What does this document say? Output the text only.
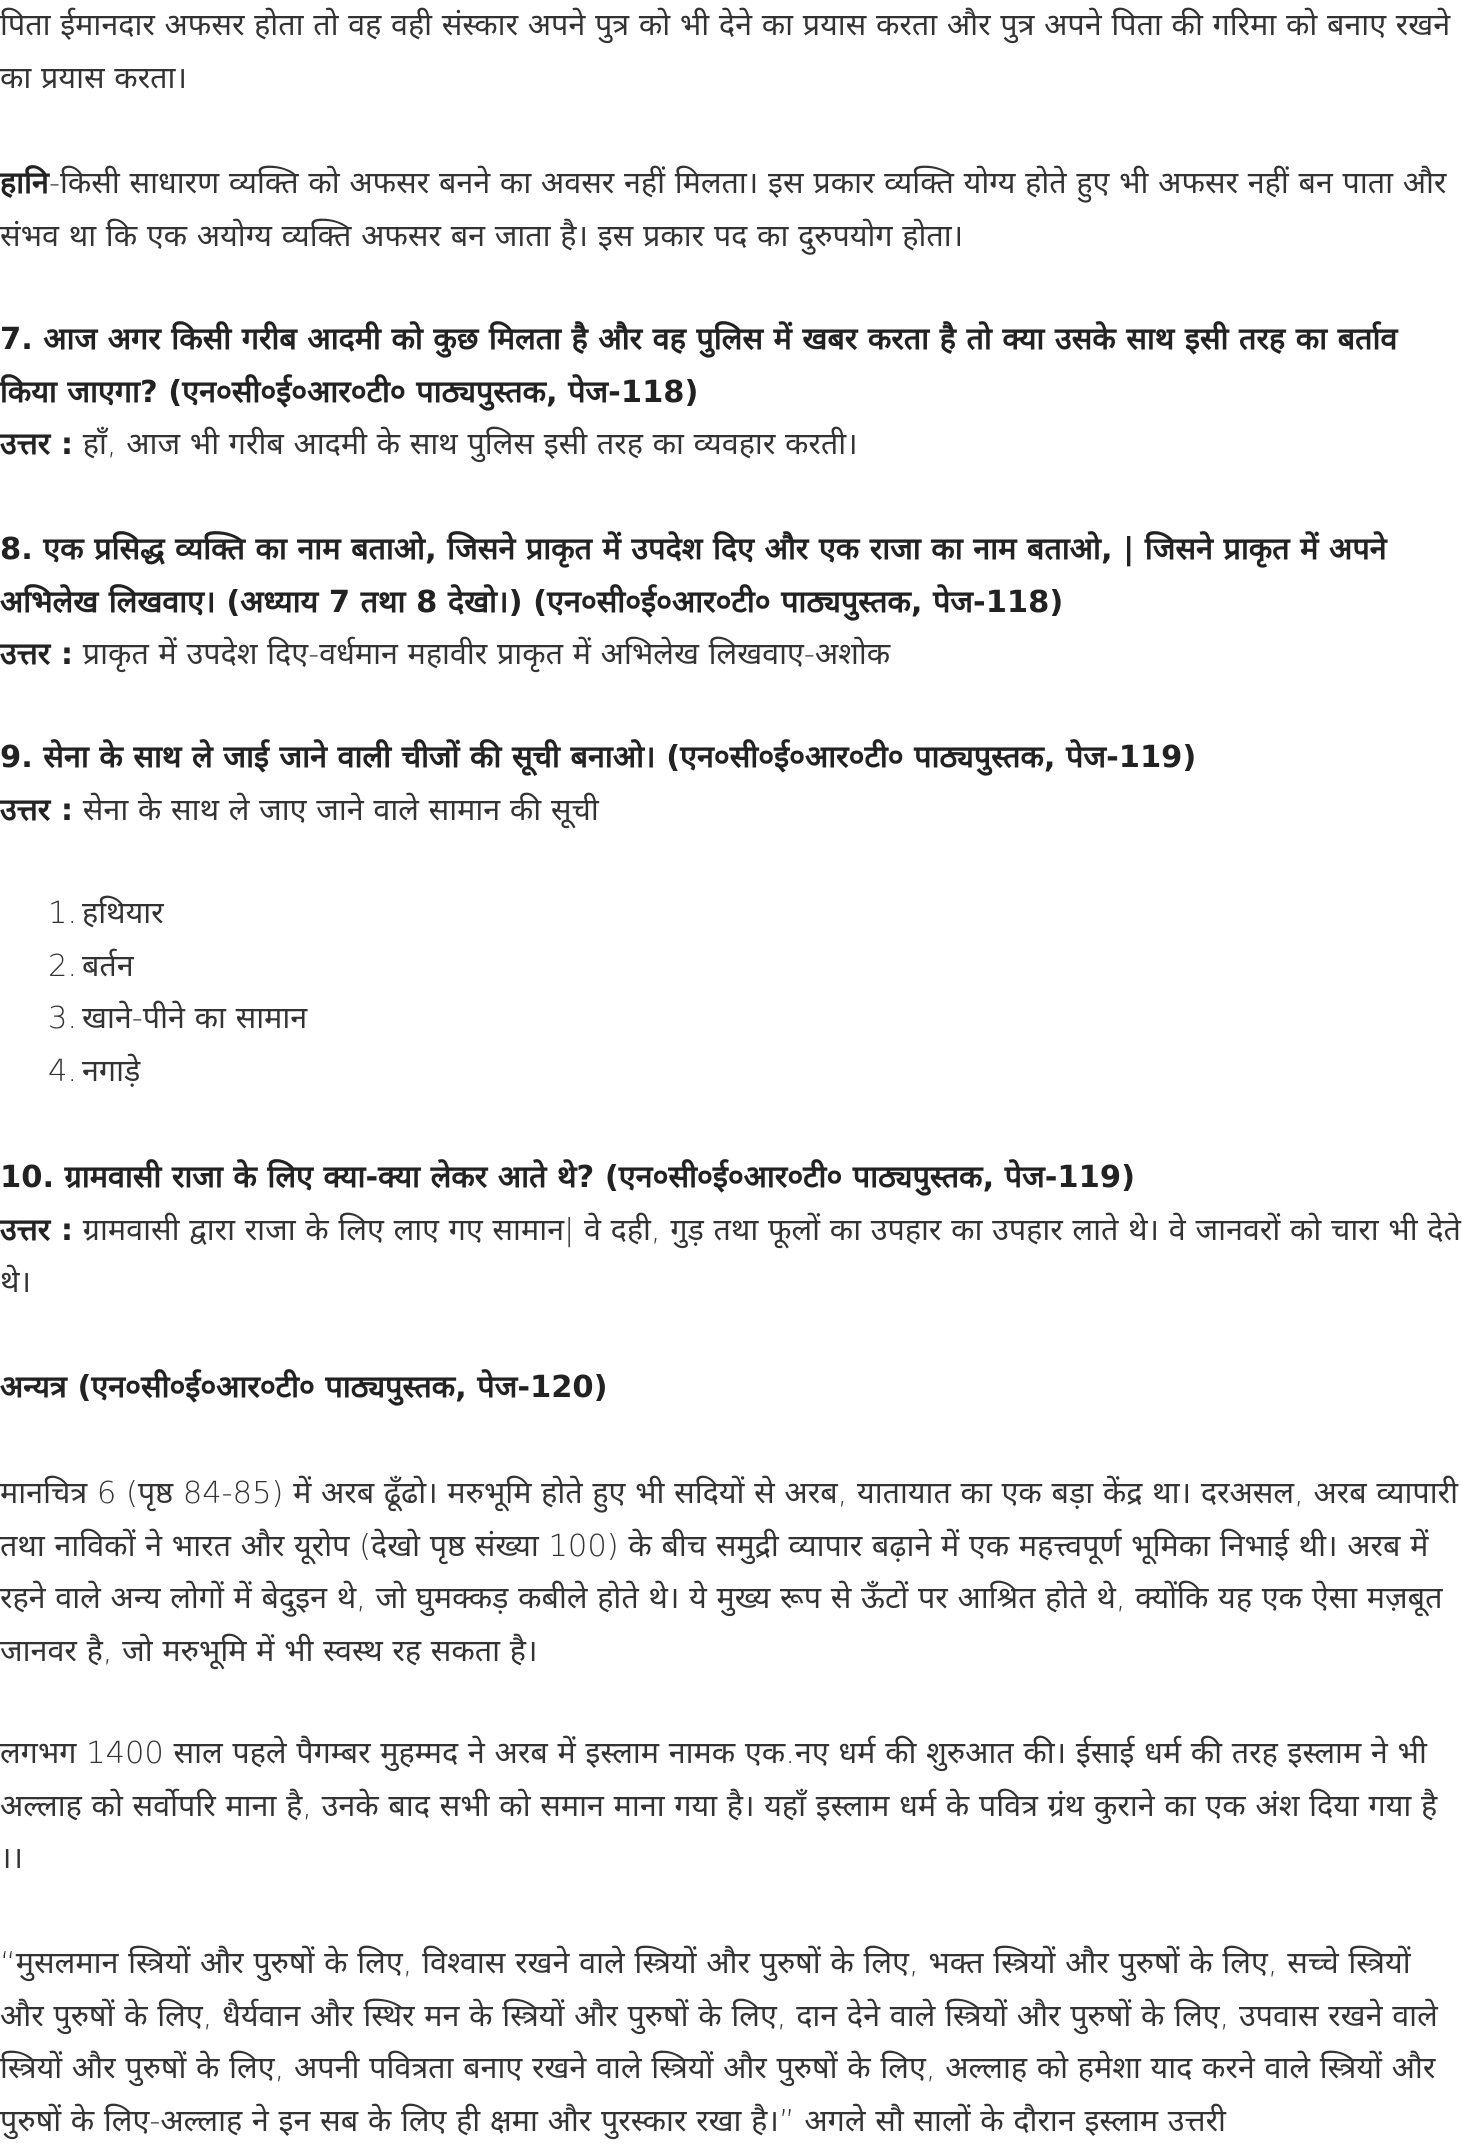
पिता ईमानदार अफसर होता तो वह वही संस्कार अपने पुत्र को भी देने का प्रयास करता और पुत्र अपने पिता की गरिमा को बनाए रखने का प्रयास करता।

हानि-किसी साधारण व्यक्ति को अफसर बनने का अवसर नहीं मिलता। इस प्रकार व्यक्ति योग्य होते हुए भी अफसर नहीं बन पाता और संभव था कि एक अयोग्य व्यक्ति अफसर बन जाता है। इस प्रकार पद का दुरुपयोग होता।

7. आज अगर किसी गरीब आदमी को कुछ मिलता है और वह पुलिस में खबर करता है तो क्या उसके साथ इसी तरह का बर्ताव किया जाएगा? (एन०सी०ई०आर०टी० पाठ्यपुस्तक, पेज-118)

उत्तर : हाँ, आज भी गरीब आदमी के साथ पुलिस इसी तरह का व्यवहार करती।

8. एक प्रसिद्ध व्यक्ति का नाम बताओ, जिसने प्राकृत में उपदेश दिए और एक राजा का नाम बताओ, | जिसने प्राकृत में अपने अभिलेख लिखवाए। (अध्याय 7 तथा 8 देखो।) (एन०सी०ई०आर०टी० पाठ्यपुस्तक, पेज-118)

उत्तर : प्राकृत में उपदेश दिए-वर्धमान महावीर प्राकृत में अभिलेख लिखवाए-अशोक

9. सेना के साथ ले जाई जाने वाली चीजों की सूची बनाओ। (एन०सी०ई०आर०टी० पाठ्यपुस्तक, पेज-119)

उत्तर : सेना के साथ ले जाए जाने वाले सामान की सूची

1. हथियार
2. बर्तन
3. खाने-पीने का सामान
4. नगाड़े

10. ग्रामवासी राजा के लिए क्या-क्या लेकर आते थे? (एन०सी०ई०आर०टी० पाठ्यपुस्तक, पेज-119)

उत्तर : ग्रामवासी द्वारा राजा के लिए लाए गए सामान| वे दही, गुड़ तथा फूलों का उपहार का उपहार लाते थे। वे जानवरों को चारा भी देते थे।

अन्यत्र (एन०सी०ई०आर०टी० पाठ्यपुस्तक, पेज-120)

मानचित्र 6 (पृष्ठ 84-85) में अरब ढूँढो। मरुभूमि होते हुए भी सदियों से अरब, यातायात का एक बड़ा केंद्र था। दरअसल, अरब व्यापारी तथा नाविकों ने भारत और यूरोप (देखो पृष्ठ संख्या 100) के बीच समुद्री व्यापार बढ़ाने में एक महत्त्वपूर्ण भूमिका निभाई थी। अरब में रहने वाले अन्य लोगों में बेदुइन थे, जो घुमक्कड़ कबीले होते थे। ये मुख्य रूप से ऊँटों पर आश्रित होते थे, क्योंकि यह एक ऐसा मज़बूत जानवर है, जो मरुभूमि में भी स्वस्थ रह सकता है।

लगभग 1400 साल पहले पैगम्बर मुहम्मद ने अरब में इस्लाम नामक एक.नए धर्म की शुरुआत की। ईसाई धर्म की तरह इस्लाम ने भी अल्लाह को सर्वोपरि माना है, उनके बाद सभी को समान माना गया है। यहाँ इस्लाम धर्म के पवित्र ग्रंथ कुराने का एक अंश दिया गया है ।।

“मुसलमान स्त्रियों और पुरुषों के लिए, विश्वास रखने वाले स्त्रियों और पुरुषों के लिए, भक्त स्त्रियों और पुरुषों के लिए, सच्चे स्त्रियों और पुरुषों के लिए, धैर्यवान और स्थिर मन के स्त्रियों और पुरुषों के लिए, दान देने वाले स्त्रियों और पुरुषों के लिए, उपवास रखने वाले स्त्रियों और पुरुषों के लिए, अपनी पवित्रता बनाए रखने वाले स्त्रियों और पुरुषों के लिए, अल्लाह को हमेशा याद करने वाले स्त्रियों और पुरुषों के लिए-अल्लाह ने इन सब के लिए ही क्षमा और पुरस्कार रखा है।” अगले सौ सालों के दौरान इस्लाम उत्तरी
